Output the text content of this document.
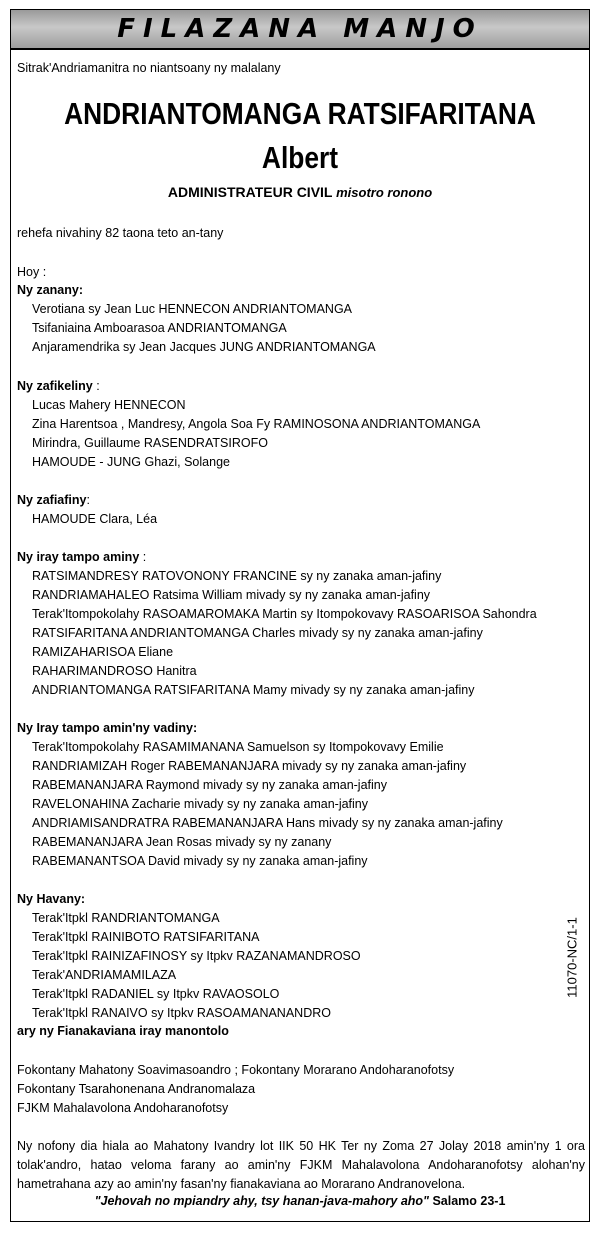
FILAZANA MANJO
Sitrak'Andriamanitra no niantsoany ny malalany
ANDRIANTOMANGA RATSIFARITANA
Albert
ADMINISTRATEUR CIVIL misotro ronono
rehefa nivahiny 82 taona teto an-tany
Hoy :
Ny zanany:
Verotiana sy Jean Luc HENNECON ANDRIANTOMANGA
Tsifaniaina Amboarasoa ANDRIANTOMANGA
Anjaramendrika sy Jean Jacques JUNG ANDRIANTOMANGA
Ny zafikeliny :
Lucas Mahery HENNECON
Zina Harentsoa , Mandresy, Angola Soa Fy RAMINOSONA ANDRIANTOMANGA
Mirindra, Guillaume RASENDRATSIROFO
HAMOUDE - JUNG Ghazi, Solange
Ny zafiafiny:
HAMOUDE Clara, Léa
Ny iray tampo aminy :
RATSIMANDRESY RATOVONONY FRANCINE sy ny zanaka aman-jafiny
RANDRIAMAHALEO Ratsima William mivady sy ny zanaka aman-jafiny
Terak'Itompokolahy RASOAMAROMAKA Martin sy Itompokovavy RASOARISOA Sahondra
RATSIFARITANA ANDRIANTOMANGA Charles mivady sy ny zanaka aman-jafiny
RAMIZAHARISOA Eliane
RAHARIMANDROSO Hanitra
ANDRIANTOMANGA RATSIFARITANA Mamy mivady sy ny zanaka aman-jafiny
Ny Iray tampo amin'ny vadiny:
Terak'Itompokolahy RASAMIMANANA Samuelson sy Itompokovavy Emilie
RANDRIAMIZAH Roger RABEMANANJARA mivady sy ny zanaka aman-jafiny
RABEMANANJARA Raymond mivady sy ny zanaka aman-jafiny
RAVELONAHINA Zacharie mivady sy ny zanaka aman-jafiny
ANDRIAMISANDRATRA RABEMANANJARA Hans mivady sy ny zanaka aman-jafiny
RABEMANANJARA Jean Rosas mivady sy ny zanany
RABEMANANTSOA David mivady sy ny zanaka aman-jafiny
Ny Havany:
Terak'Itpkl RANDRIANTOMANGA
Terak'Itpkl RAINIBOTO RATSIFARITANA
Terak'Itpkl RAINIZAFINOSY sy Itpkv RAZANAMANDROSO
Terak'ANDRIAMAMILAZA
Terak'Itpkl RADANIEL sy Itpkv RAVAOSOLO
Terak'Itpkl RANAIVO sy Itpkv RASOAMANANANDRO
ary ny Fianakaviana iray manontolo
11070-NC/1-1
Fokontany Mahatony Soavimasoandro ; Fokontany Morarano Andoharanofotsy
Fokontany Tsarahonenana Andranomalaza
FJKM Mahalavolona Andoharanofotsy
Ny nofony dia hiala ao Mahatony Ivandry lot IIK 50 HK Ter ny Zoma 27 Jolay 2018 amin'ny 1 ora tolak'andro, hatao veloma farany ao amin'ny FJKM Mahalavolona Andoharanofotsy alohan'ny hametrahana azy ao amin'ny fasan'ny fianakaviana ao Morarano Andranovelona.
"Jehovah no mpiandry ahy, tsy hanan-java-mahory aho" Salamo 23-1
